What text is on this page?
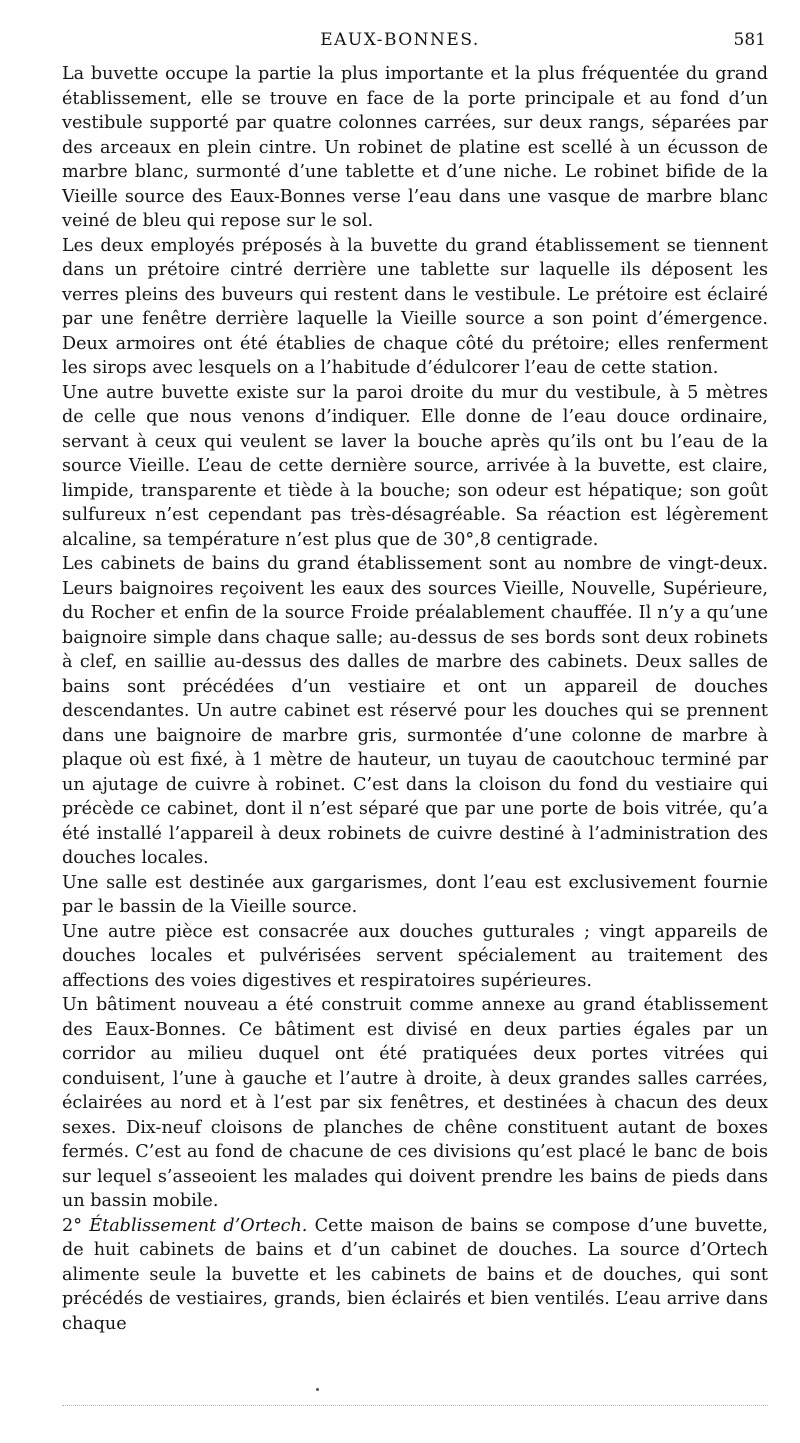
EAUX-BONNES.	581

La buvette occupe la partie la plus importante et la plus fréquentée du grand établissement, elle se trouve en face de la porte principale et au fond d’un vestibule supporté par quatre colonnes carrées, sur deux rangs, séparées par des arceaux en plein cintre. Un robinet de platine est scellé à un écusson de marbre blanc, surmonté d’une tablette et d’une niche. Le robinet bifide de la Vieille source des Eaux-Bonnes verse l’eau dans une vasque de marbre blanc veiné de bleu qui repose sur le sol.

Les deux employés préposés à la buvette du grand établissement se tiennent dans un prétoire cintré derrière une tablette sur laquelle ils déposent les verres pleins des buveurs qui restent dans le vestibule. Le prétoire est éclairé par une fenêtre derrière laquelle la Vieille source a son point d’émergence. Deux armoires ont été établies de chaque côté du prétoire; elles renferment les sirops avec lesquels on a l’habitude d’édulcorer l’eau de cette station.

Une autre buvette existe sur la paroi droite du mur du vestibule, à 5 mètres de celle que nous venons d’indiquer. Elle donne de l’eau douce ordinaire, servant à ceux qui veulent se laver la bouche après qu’ils ont bu l’eau de la source Vieille. L’eau de cette dernière source, arrivée à la buvette, est claire, limpide, transparente et tiède à la bouche; son odeur est hépatique; son goût sulfureux n’est cependant pas très-désagréable. Sa réaction est légèrement alcaline, sa température n’est plus que de 30°,8 centigrade.

Les cabinets de bains du grand établissement sont au nombre de vingt-deux. Leurs baignoires reçoivent les eaux des sources Vieille, Nouvelle, Supérieure, du Rocher et enfin de la source Froide préalablement chauffée. Il n’y a qu’une baignoire simple dans chaque salle; au-dessus de ses bords sont deux robinets à clef, en saillie au-dessus des dalles de marbre des cabinets. Deux salles de bains sont précédées d’un vestiaire et ont un appareil de douches descendantes. Un autre cabinet est réservé pour les douches qui se prennent dans une baignoire de marbre gris, surmontée d’une colonne de marbre à plaque où est fixé, à 1 mètre de hauteur, un tuyau de caoutchouc terminé par un ajutage de cuivre à robinet. C’est dans la cloison du fond du vestiaire qui précède ce cabinet, dont il n’est séparé que par une porte de bois vitrée, qu’a été installé l’appareil à deux robinets de cuivre destiné à l’administration des douches locales.

Une salle est destinée aux gargarismes, dont l’eau est exclusivement fournie par le bassin de la Vieille source.

Une autre pièce est consacrée aux douches gutturales ; vingt appareils de douches locales et pulvérisées servent spécialement au traitement des affections des voies digestives et respiratoires supérieures.

Un bâtiment nouveau a été construit comme annexe au grand établissement des Eaux-Bonnes. Ce bâtiment est divisé en deux parties égales par un corridor au milieu duquel ont été pratiquées deux portes vitrées qui conduisent, l’une à gauche et l’autre à droite, à deux grandes salles carrées, éclairées au nord et à l’est par six fenêtres, et destinées à chacun des deux sexes. Dix-neuf cloisons de planches de chêne constituent autant de boxes fermés. C’est au fond de chacune de ces divisions qu’est placé le banc de bois sur lequel s’asseoient les malades qui doivent prendre les bains de pieds dans un bassin mobile.

2° Établissement d’Ortech. Cette maison de bains se compose d’une buvette, de huit cabinets de bains et d’un cabinet de douches. La source d’Ortech alimente seule la buvette et les cabinets de bains et de douches, qui sont précédés de vestiaires, grands, bien éclairés et bien ventilés. L’eau arrive dans chaque
